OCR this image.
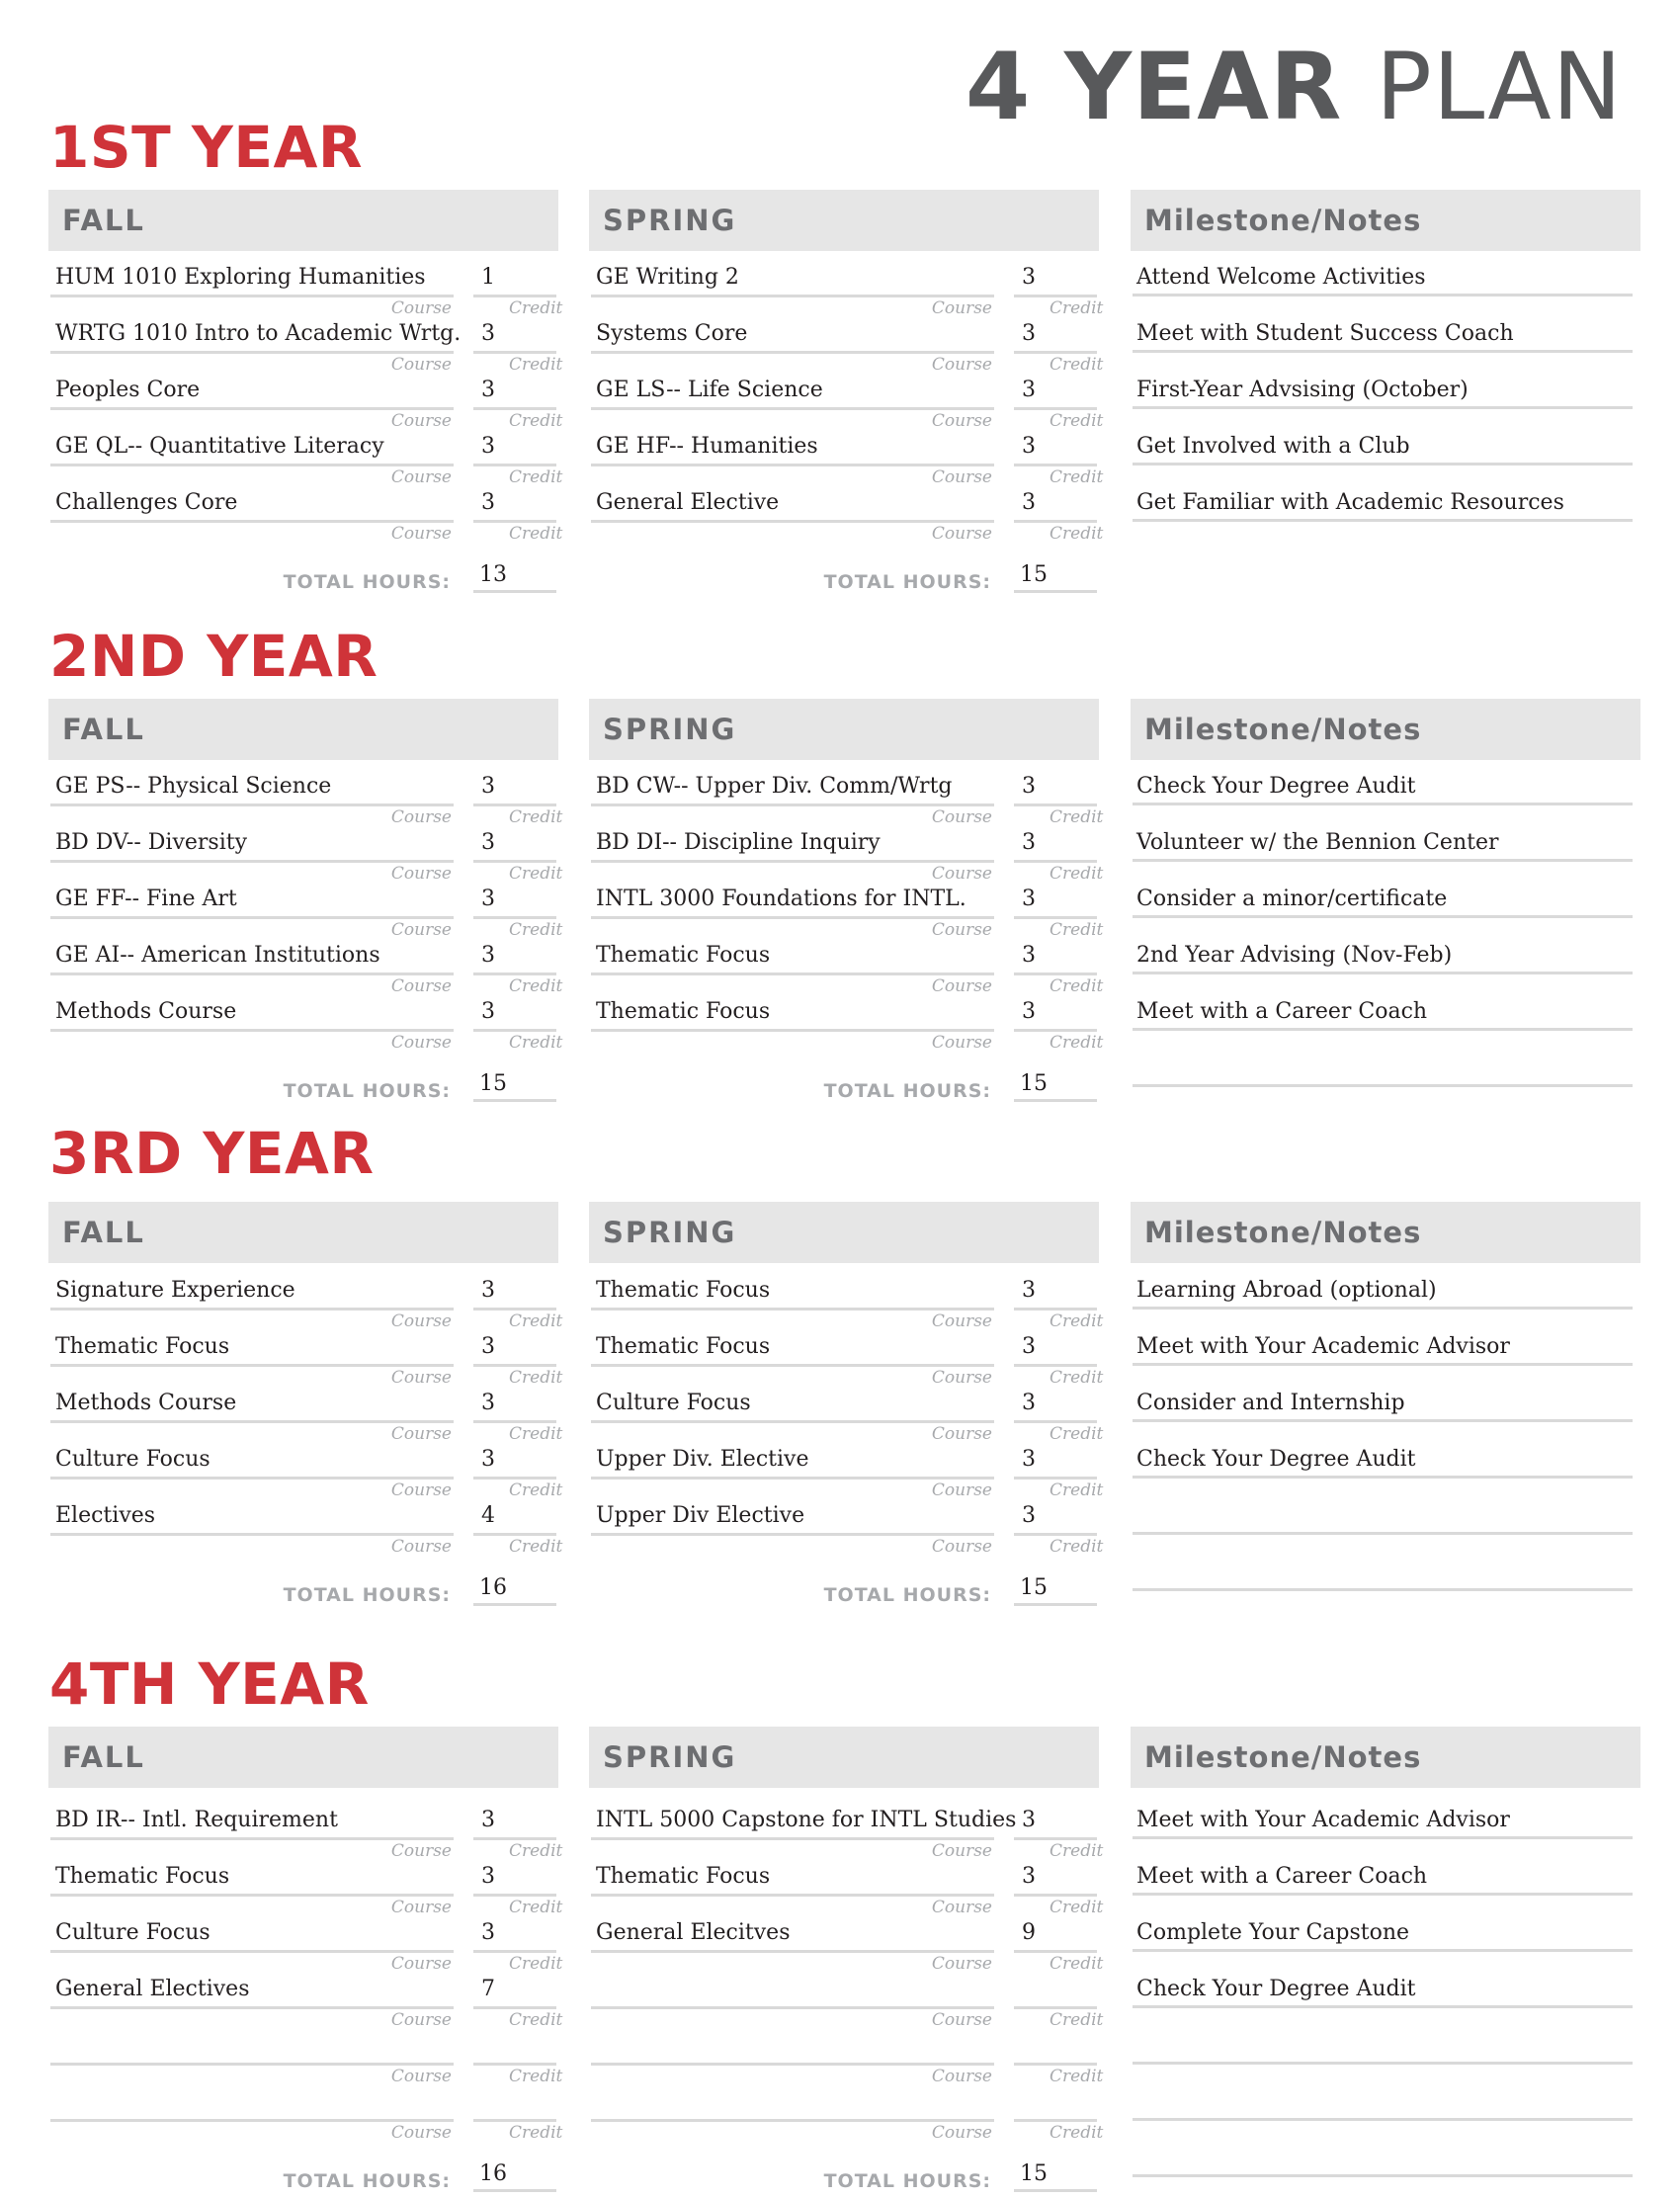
4 YEAR PLAN
1ST YEAR
FALL
HUM 1010 Exploring Humanities	1
Course	Credit
WRTG 1010 Intro to Academic Wrtg. 3
Course	Credit
Peoples Core	3
Course	Credit
GE QL-- Quantitative Literacy	3
Course	Credit
Challenges Core	3
Course	Credit
TOTAL HOURS: 13
SPRING
GE Writing 2	3
Course	Credit
Systems Core	3
Course	Credit
GE LS-- Life Science	3
Course	Credit
GE HF-- Humanities	3
Course	Credit
General Elective	3
Course	Credit
TOTAL HOURS: 15
Milestone/Notes
Attend Welcome Activities
Meet with Student Success Coach
First-Year Advsising (October)
Get Involved with a Club
Get Familiar with Academic Resources
2ND YEAR
FALL
GE PS-- Physical Science	3
Course	Credit
BD DV-- Diversity	3
Course	Credit
GE FF-- Fine Art	3
Course	Credit
GE AI-- American Institutions	3
Course	Credit
Methods Course	3
Course	Credit
TOTAL HOURS: 15
SPRING
BD CW-- Upper Div. Comm/Wrtg	3
Course	Credit
BD DI-- Discipline Inquiry	3
Course	Credit
INTL 3000 Foundations for INTL.	3
Course	Credit
Thematic Focus	3
Course	Credit
Thematic Focus	3
Course	Credit
TOTAL HOURS: 15
Milestone/Notes
Check Your Degree Audit
Volunteer w/ the Bennion Center
Consider a minor/certificate
2nd Year Advising (Nov-Feb)
Meet with a Career Coach
3RD YEAR
FALL
Signature Experience	3
Course	Credit
Thematic Focus	3
Course	Credit
Methods Course	3
Course	Credit
Culture Focus	3
Course	Credit
Electives	4
Course	Credit
TOTAL HOURS: 16
SPRING
Thematic Focus	3
Course	Credit
Thematic Focus	3
Course	Credit
Culture Focus	3
Course	Credit
Upper Div. Elective	3
Course	Credit
Upper Div Elective	3
Course	Credit
TOTAL HOURS: 15
Milestone/Notes
Learning Abroad (optional)
Meet with Your Academic Advisor
Consider and Internship
Check Your Degree Audit
4TH YEAR
FALL
BD IR-- Intl. Requirement	3
Course	Credit
Thematic Focus	3
Course	Credit
Culture Focus	3
Course	Credit
General Electives	7
Course	Credit
Course	Credit
Course	Credit
TOTAL HOURS: 16
SPRING
INTL 5000 Capstone for INTL Studies 3
Course	Credit
Thematic Focus	3
Course	Credit
General Elecitves	9
Course	Credit
Course	Credit
Course	Credit
Course	Credit
TOTAL HOURS: 15
Milestone/Notes
Meet with Your Academic Advisor
Meet with a Career Coach
Complete Your Capstone
Check Your Degree Audit
